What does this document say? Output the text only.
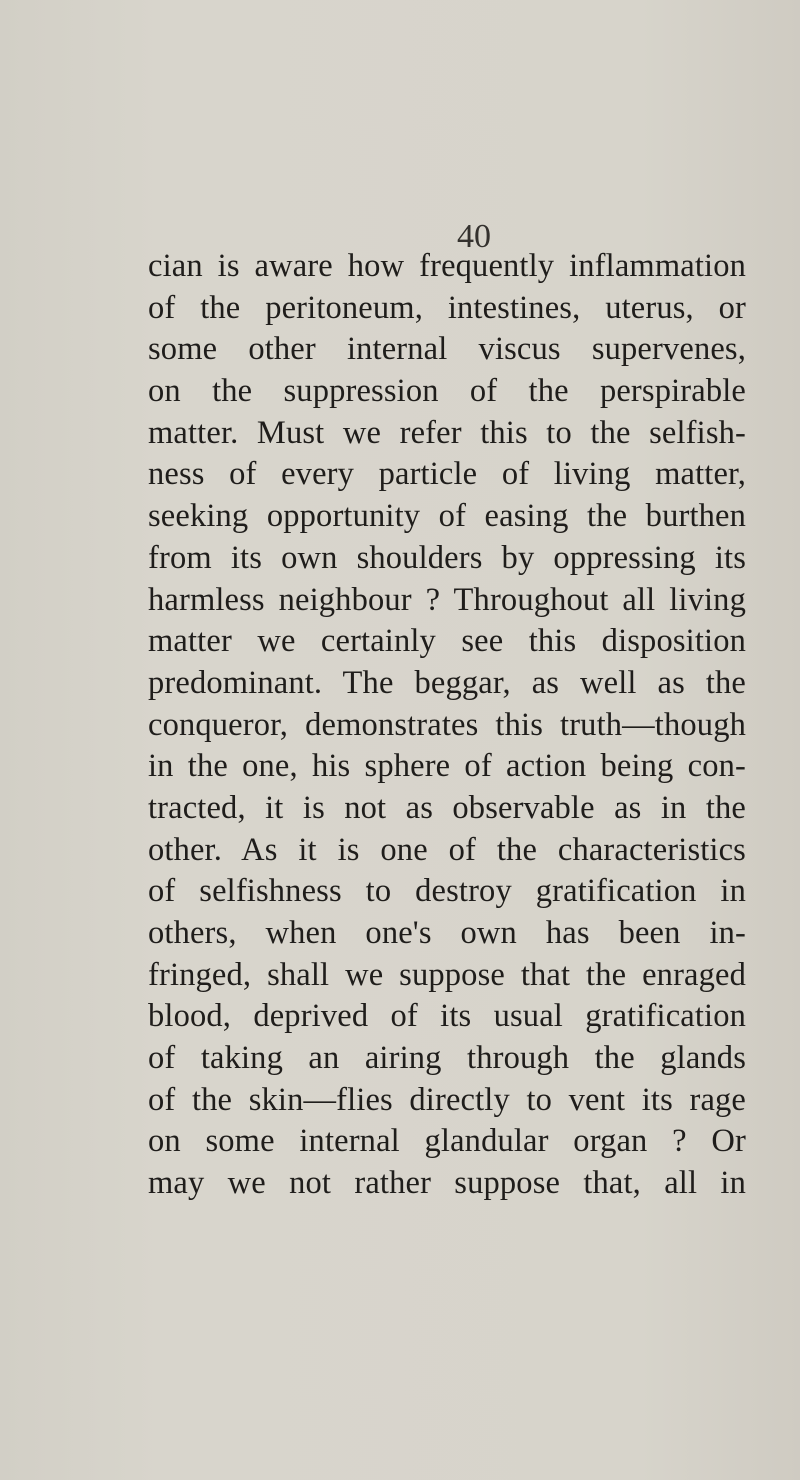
40
cian is aware how frequently inflammation
of the peritoneum, intestines, uterus, or
some other internal viscus supervenes,
on the suppression of the perspirable
matter. Must we refer this to the selfish-
ness of every particle of living matter,
seeking opportunity of easing the burthen
from its own shoulders by oppressing its
harmless neighbour ? Throughout all living
matter we certainly see this disposition
predominant. The beggar, as well as the
conqueror, demonstrates this truth—though
in the one, his sphere of action being con-
tracted, it is not as observable as in the
other. As it is one of the characteristics
of selfishness to destroy gratification in
others, when one's own has been in-
fringed, shall we suppose that the enraged
blood, deprived of its usual gratification
of taking an airing through the glands
of the skin—flies directly to vent its rage
on some internal glandular organ ? Or
may we not rather suppose that, all in
